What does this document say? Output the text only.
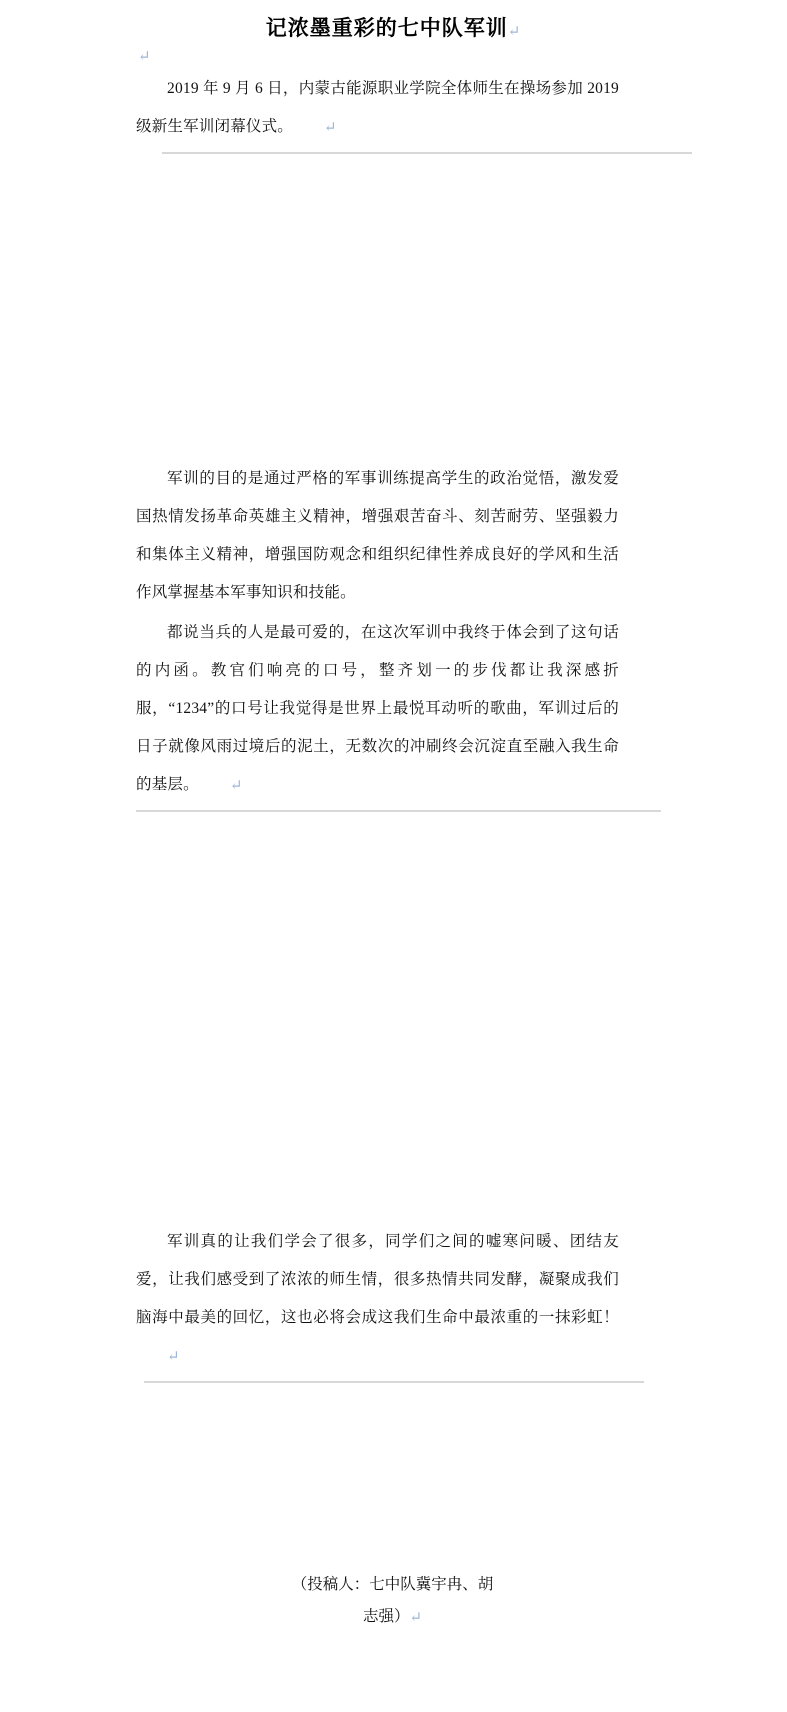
记浓墨重彩的七中队军训↵
↵

2019 年 9 月 6 日，内蒙古能源职业学院全体师生在操场参加 2019 级新生军训闭幕仪式。 ↵

军训的目的是通过严格的军事训练提高学生的政治觉悟，激发爱国热情发扬革命英雄主义精神，增强艰苦奋斗、刻苦耐劳、坚强毅力和集体主义精神，增强国防观念和组织纪律性养成良好的学风和生活作风掌握基本军事知识和技能。

都说当兵的人是最可爱的，在这次军训中我终于体会到了这句话的内函。教官们响亮的口号，整齐划一的步伐都让我深感折服，“1234”的口号让我觉得是世界上最悦耳动听的歌曲，军训过后的日子就像风雨过境后的泥土，无数次的冲刷终会沉淀直至融入我生命的基层。 ↵

军训真的让我们学会了很多，同学们之间的嘘寒问暖、团结友爱，让我们感受到了浓浓的师生情，很多热情共同发酵，凝聚成我们脑海中最美的回忆，这也必将会成这我们生命中最浓重的一抹彩虹！↵

（投稿人：七中队冀宇冉、胡志强）↵
